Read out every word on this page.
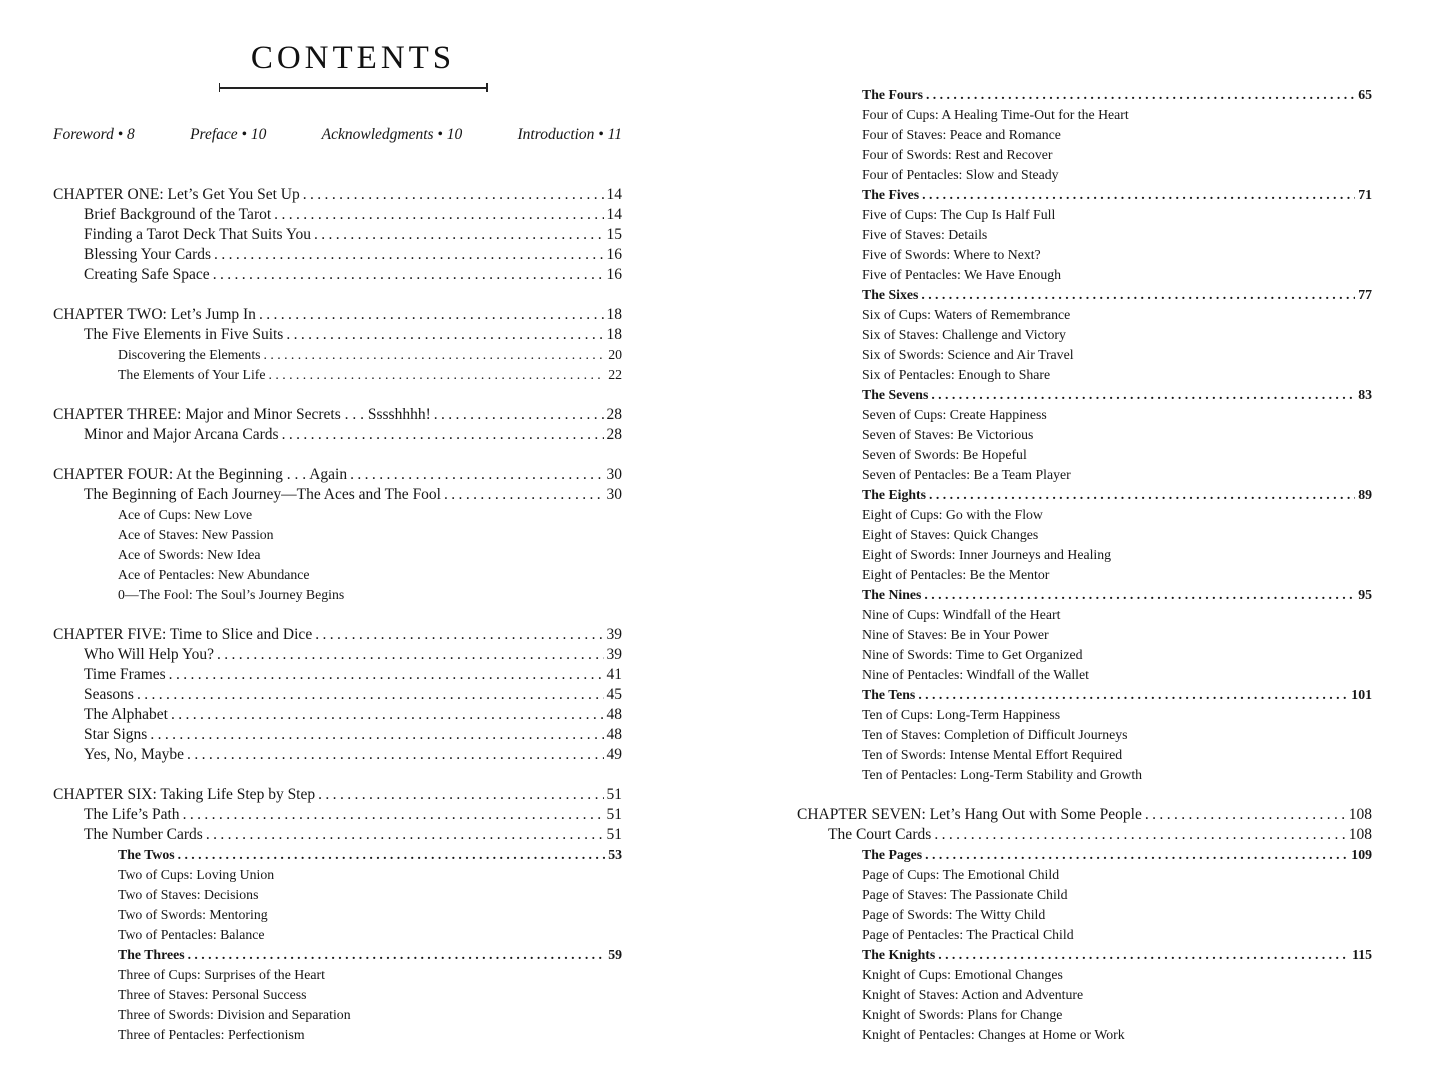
CONTENTS
Foreword • 8	Preface • 10	Acknowledgments • 10	Introduction • 11
CHAPTER ONE: Let’s Get You Set Up .....	14
Brief Background of the Tarot .....	14
Finding a Tarot Deck That Suits You .....	15
Blessing Your Cards .....	16
Creating Safe Space .....	16
CHAPTER TWO: Let’s Jump In .....	18
The Five Elements in Five Suits .....	18
Discovering the Elements .....	20
The Elements of Your Life .....	22
CHAPTER THREE: Major and Minor Secrets . . . Sssshhhh! .....	28
Minor and Major Arcana Cards .....	28
CHAPTER FOUR: At the Beginning . . . Again .....	30
The Beginning of Each Journey—The Aces and The Fool .....	30
Ace of Cups: New Love
Ace of Staves: New Passion
Ace of Swords: New Idea
Ace of Pentacles: New Abundance
0—The Fool: The Soul’s Journey Begins
CHAPTER FIVE: Time to Slice and Dice .....	39
Who Will Help You? .....	39
Time Frames .....	41
Seasons .....	45
The Alphabet .....	48
Star Signs .....	48
Yes, No, Maybe .....	49
CHAPTER SIX: Taking Life Step by Step .....	51
The Life’s Path .....	51
The Number Cards .....	51
The Twos .....	53
Two of Cups: Loving Union
Two of Staves: Decisions
Two of Swords: Mentoring
Two of Pentacles: Balance
The Threes .....	59
Three of Cups: Surprises of the Heart
Three of Staves: Personal Success
Three of Swords: Division and Separation
Three of Pentacles: Perfectionism
The Fours .....	65
Four of Cups: A Healing Time-Out for the Heart
Four of Staves: Peace and Romance
Four of Swords: Rest and Recover
Four of Pentacles: Slow and Steady
The Fives .....	71
Five of Cups: The Cup Is Half Full
Five of Staves: Details
Five of Swords: Where to Next?
Five of Pentacles: We Have Enough
The Sixes .....	77
Six of Cups: Waters of Remembrance
Six of Staves: Challenge and Victory
Six of Swords: Science and Air Travel
Six of Pentacles: Enough to Share
The Sevens .....	83
Seven of Cups: Create Happiness
Seven of Staves: Be Victorious
Seven of Swords: Be Hopeful
Seven of Pentacles: Be a Team Player
The Eights .....	89
Eight of Cups: Go with the Flow
Eight of Staves: Quick Changes
Eight of Swords: Inner Journeys and Healing
Eight of Pentacles: Be the Mentor
The Nines .....	95
Nine of Cups: Windfall of the Heart
Nine of Staves: Be in Your Power
Nine of Swords: Time to Get Organized
Nine of Pentacles: Windfall of the Wallet
The Tens .....	101
Ten of Cups: Long-Term Happiness
Ten of Staves: Completion of Difficult Journeys
Ten of Swords: Intense Mental Effort Required
Ten of Pentacles: Long-Term Stability and Growth
CHAPTER SEVEN: Let’s Hang Out with Some People .....	108
The Court Cards .....	108
The Pages .....	109
Page of Cups: The Emotional Child
Page of Staves: The Passionate Child
Page of Swords: The Witty Child
Page of Pentacles: The Practical Child
The Knights .....	115
Knight of Cups: Emotional Changes
Knight of Staves: Action and Adventure
Knight of Swords: Plans for Change
Knight of Pentacles: Changes at Home or Work
